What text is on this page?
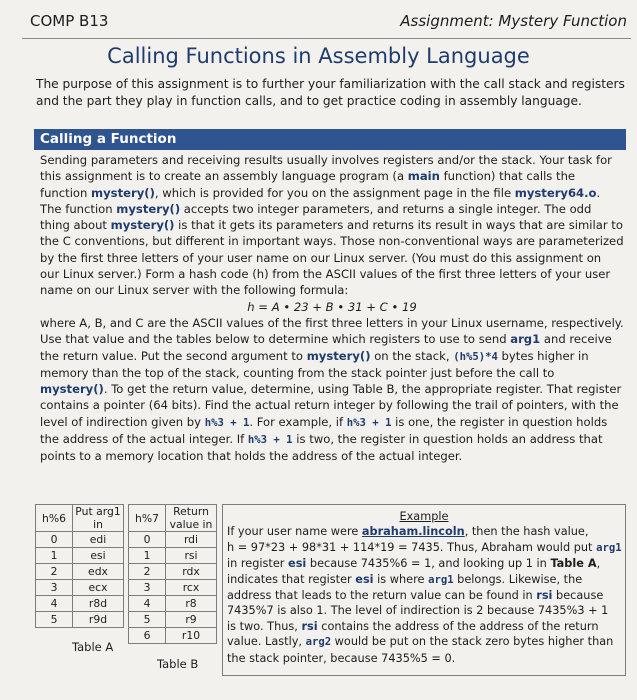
COMP B13	Assignment: Mystery Function
Calling Functions in Assembly Language
The purpose of this assignment is to further your familiarization with the call stack and registers and the part they play in function calls, and to get practice coding in assembly language.
Calling a Function
Sending parameters and receiving results usually involves registers and/or the stack. Your task for this assignment is to create an assembly language program (a main function) that calls the function mystery(), which is provided for you on the assignment page in the file mystery64.o. The function mystery() accepts two integer parameters, and returns a single integer. The odd thing about mystery() is that it gets its parameters and returns its result in ways that are similar to the C conventions, but different in important ways. Those non-conventional ways are parameterized by the first three letters of your user name on our Linux server. (You must do this assignment on our Linux server.) Form a hash code (h) from the ASCII values of the first three letters of your user name on our Linux server with the following formula:
h = A • 23 + B • 31 + C • 19
where A, B, and C are the ASCII values of the first three letters in your Linux username, respectively. Use that value and the tables below to determine which registers to use to send arg1 and receive the return value. Put the second argument to mystery() on the stack, (h%5)*4 bytes higher in memory than the top of the stack, counting from the stack pointer just before the call to mystery(). To get the return value, determine, using Table B, the appropriate register. That register contains a pointer (64 bits). Find the actual return integer by following the trail of pointers, with the level of indirection given by h%3 + 1. For example, if h%3 + 1 is one, the register in question holds the address of the actual integer. If h%3 + 1 is two, the register in question holds an address that points to a memory location that holds the address of the actual integer.
h%6	Put arg1 in
0	edi
1	esi
2	edx
3	ecx
4	r8d
5	r9d
Table A
h%7	Return value in
0	rdi
1	rsi
2	rdx
3	rcx
4	r8
5	r9
6	r10
Table B
Example
If your user name were abraham.lincoln, then the hash value,
h = 97*23 + 98*31 + 114*19 = 7435. Thus, Abraham would put arg1
in register esi because 7435%6 = 1, and looking up 1 in Table A,
indicates that register esi is where arg1 belongs. Likewise, the
address that leads to the return value can be found in rsi because
7435%7 is also 1. The level of indirection is 2 because 7435%3 + 1
is two. Thus, rsi contains the address of the address of the return
value. Lastly, arg2 would be put on the stack zero bytes higher than
the stack pointer, because 7435%5 = 0.
